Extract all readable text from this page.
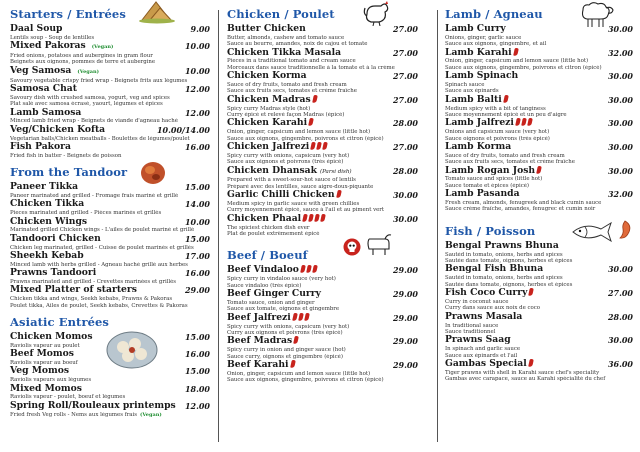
Starters / Entrées
Daal Soup	9.00
Lentils soup - Soup de lentilles
Mixed Pakoras (Vegan)	10.00
Fried onions, potatoes and aubergines in gram flour
Beignets aux oignons, pommes de terre et aubergine
Veg Samosa (Vegan)	10.00
Savoury vegetable crispy fried wrap - Beignets frits aux légumes
Samosa Chat	12.00
Savoury dish with crushed samosa, yogurt, veg and spices
Plat salé avec samosa écrasé, yaourt, légumes et épices
Lamb Samosa	12.00
Minced lamb fried wrap - Beignets de viande d'agneau haché
Veg/Chicken Kofta	10.00/14.00
Vegetarian balls/Chicken meatballs - Boulettes de légumes/poulet
Fish Pakora	16.00
Fried fish in batter - Beignets de poisson
From the Tandoor
Paneer Tikka	15.00
Paneer marinated and grilled - Fromage frais mariné et grillé
Chicken Tikka	14.00
Pieces marinated and grilled - Pièces marinés et grillés
Chicken Wings	10.00
Marinated grilled Chicken wings - L'ailes de poulet mariné et grillé
Tandoori Chicken	15.00
Chicken leg marinated, grilled - Cuisse de poulet marinés et grillés
Sheekh Kebab	17.00
Minced lamb with herbs grilled - Agneau haché grillé aux herbes
Prawns Tandoori	16.00
Prawns marinated and grilled - Crevettes marinées et grillés
Mixed Platter of starters	29.00
Chicken tikka and wings, Seekh kebabs, Prawns & Pakoras
Poulet tikka, Ailes de poulet, Seekh kebabs, Crevettes & Pakoras
Asiatic Entrées
Chicken Momos	15.00
Raviolis vapeur au poulet
Beef Momos	16.00
Raviolis vapeur au boeuf
Veg Momos	15.00
Raviolis vapeurs aux légumes
Mixed Momos	18.00
Raviolis vapeur - poulet, boeuf et légumes
Spring Roll/Rouleaux printemps	12.00
Fried fresh Veg rolls - Nems aux légumes frais (Vegan)
Chicken / Poulet
Butter Chicken	27.00
Butter, almonds, cashew and tomato sauce
Sauce au beurre, amandes, noix de cajou et tomate
Chicken Tikka Masala	27.00
Pieces in a traditional tomato and cream sauce
Morceaux dans sauce traditionnelle à la tomate et à la crème
Chicken Korma	27.00
Sauce of dry fruits, tomato and fresh cream
Sauce aux fruits secs, tomates et crème fraîche
Chicken Madras	27.00
Spicy curry Madras style (hot)
Curry épicé et relevé façon Madras (épicé)
Chicken Karahi	28.00
Onion, ginger, capsicum and lemon sauce (little hot)
Sauce aux oignons, gingembre, poivrons et citron (épicé)
Chicken Jalfrezi	27.00
Spicy curry with onions, capsicum (very hot)
Sauce aux oignons et poivrons (très épicé)
Chicken Dhansak (Parsi dish)	28.00
Prepared with a sweet-sour-hot sauce of lentils
Préparé avec des lentilles, sauce aigre-doux-piquante
Garlic Chilli Chicken	30.00
Medium spicy in garlic sauce with green chillies
Curry moyennement épicé, sauce à l'ail et au piment vert
Chicken Phaal	30.00
The spiciest chicken dish ever
Plat de poulet extrêmement épicé
Beef / Boeuf
Beef Vindaloo	29.00
Spicy curry in vindaloo sauce (very hot)
Sauce vindaloo (très épicé)
Beef Ginger Curry	29.00
Tomato sauce, onion and ginger
Sauce aux tomate, oignons et gingembre
Beef Jalfrezi	29.00
Spicy curry with onions, capsicum (very hot)
Curry aux oignons et poivrons (très épicé)
Beef Madras	29.00
Spicy curry in onion and ginger sauce (hot)
Sauce curry, oignons et gingembre (épicé)
Beef Karahi	29.00
Onion, ginger, capsicum and lemon sauce (little hot)
Sauce aux oignons, gingembre, poivrons et citron (épicé)
Lamb / Agneau
Lamb Curry	30.00
Onions, ginger, garlic sauce
Sauce aux oignons, gingembre, et ail
Lamb Karahi	32.00
Onion, ginger, capsicum and lemon sauce (little hot)
Sauce aux oignons, gingembre, poivrons et citron (épicé)
Lamb Spinach	30.00
Spinach sauce
Sauce aux épinards
Lamb Balti	30.00
Medium spicy with a bit of tanginess
Sauce moyennement épicé et un peu d'aigre
Lamb Jalfrezi	30.00
Onions and capsicum sauce (very hot)
Sauce oignons et poivrons (très épicé)
Lamb Korma	30.00
Sauce of dry fruits, tomato and fresh cream
Sauce aux fruits secs, tomates et crème fraîche
Lamb Rogan Josh	30.00
Tomato sauce and spices (little hot)
Sauce tomate et épices (épicé)
Lamb Pasanda	32.00
Fresh cream, almonds, fenugreek and black cumin sauce
Sauce crème fraîche, amandes, fenugrec et cumin noir
Fish / Poisson
Bengal Prawns Bhuna
Sautéd in tomato, onions, herbs and spices
Sautée dans tomate, oignons, herbes et épices
Bengal Fish Bhuna	30.00
Sautéd in tomato, onions, herbs and spices
Sautée dans tomate, oignons, herbes et épices
Fish Coco Curry	27.00
Curry in coconut sauce
Curry dans sauce aux noix de coco
Prawns Masala	28.00
In traditional sauce
Sauce traditionnel
Prawns Saag	30.00
In spinach and garlic sauce
Sauce aux épinards et l'ail
Gambas Special	36.00
Tiger prawns with shell in Karahi sauce chef's speciality
Gambas avec carapace, sauce au Karahi spécialité du chef
